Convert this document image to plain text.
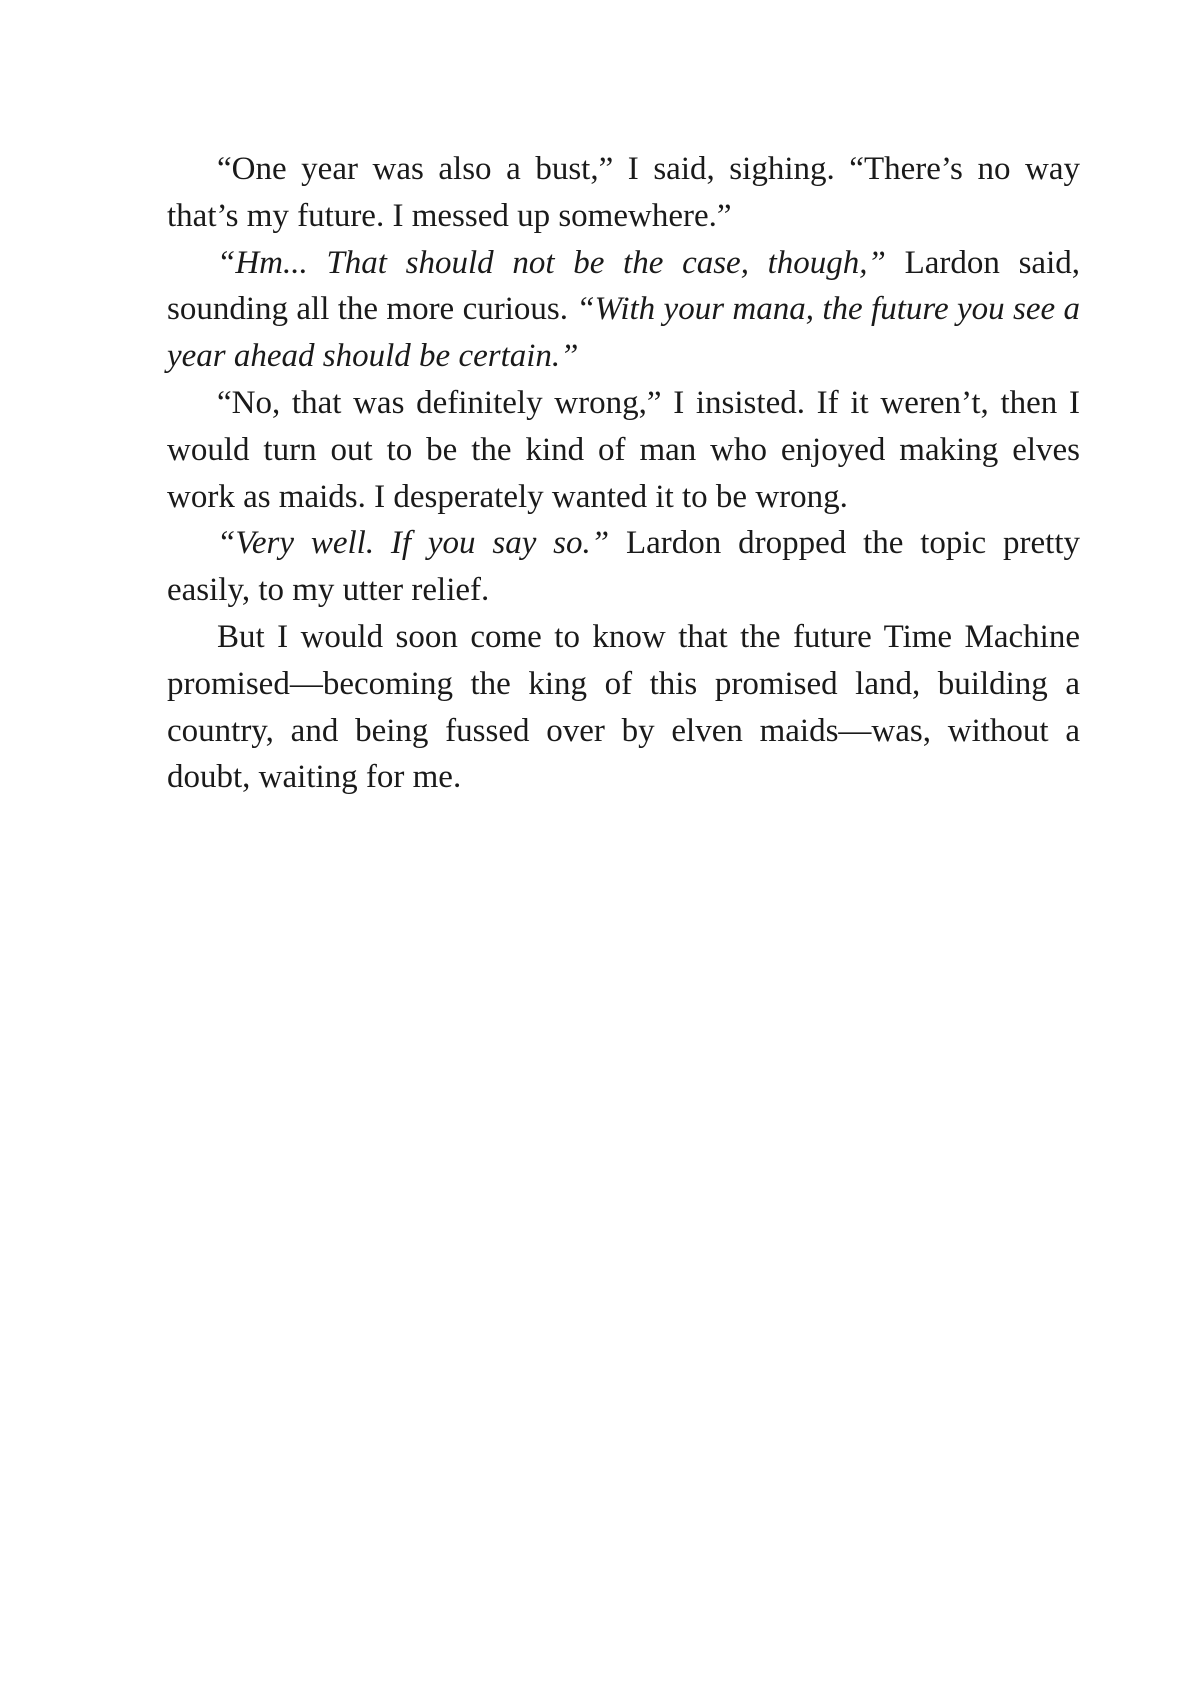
“One year was also a bust,” I said, sighing. “There’s no way that’s my future. I messed up somewhere.”

“Hm... That should not be the case, though,” Lardon said, sounding all the more curious. “With your mana, the future you see a year ahead should be certain.”

“No, that was definitely wrong,” I insisted. If it weren’t, then I would turn out to be the kind of man who enjoyed making elves work as maids. I desperately wanted it to be wrong.

“Very well. If you say so.” Lardon dropped the topic pretty easily, to my utter relief.

But I would soon come to know that the future Time Machine promised—becoming the king of this promised land, building a country, and being fussed over by elven maids—was, without a doubt, waiting for me.
